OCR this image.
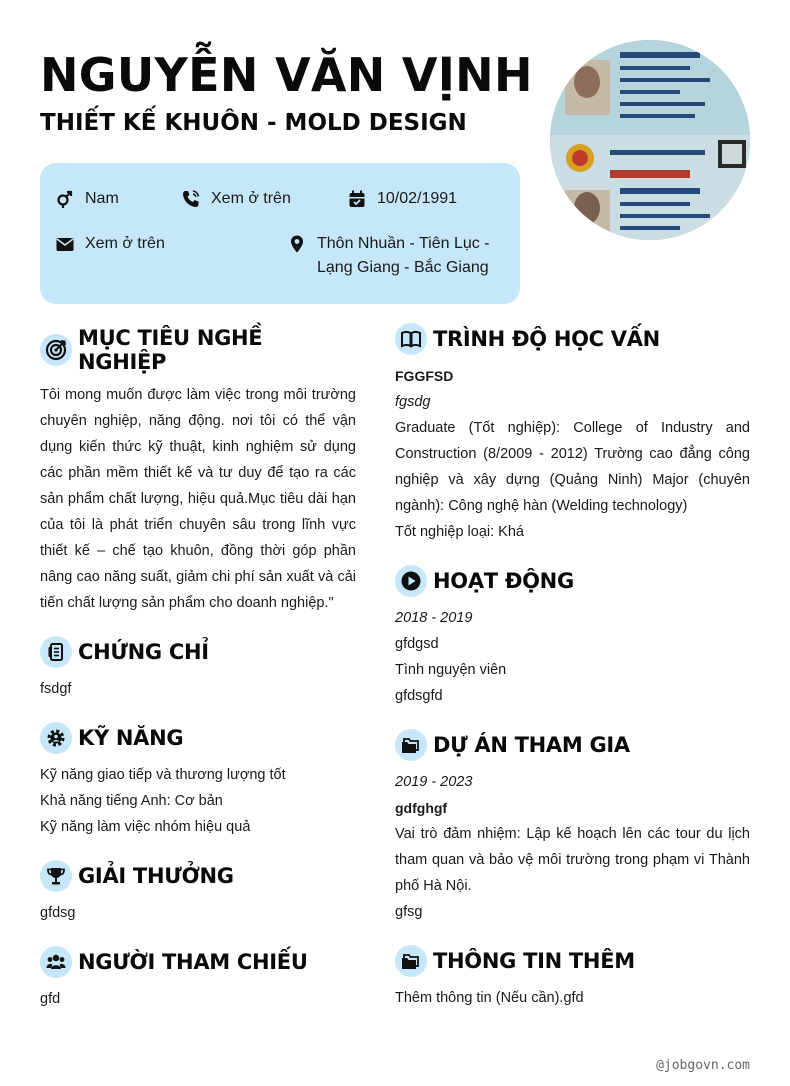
NGUYỄN VĂN VỊNH
THIẾT KẾ KHUÔN - MOLD DESIGN
Nam	Xem ở trên	10/02/1991
Xem ở trên	Thôn Nhuần - Tiên Lục - Lạng Giang - Bắc Giang
MỤC TIÊU NGHỀ NGHIỆP
Tôi mong muốn được làm việc trong môi trường chuyên nghiệp, năng động. nơi tôi có thể vận dụng kiến thức kỹ thuật, kinh nghiệm sử dụng các phần mềm thiết kế và tư duy để tạo ra các sản phẩm chất lượng, hiệu quả.Mục tiêu dài hạn của tôi là phát triển chuyên sâu trong lĩnh vực thiết kế – chế tạo khuôn, đồng thời góp phần nâng cao năng suất, giảm chi phí sản xuất và cải tiến chất lượng sản phẩm cho doanh nghiệp."
CHỨNG CHỈ
fsdgf
KỸ NĂNG
Kỹ năng giao tiếp và thương lượng tốt
Khả năng tiếng Anh: Cơ bản
Kỹ năng làm việc nhóm hiệu quả
GIẢI THƯỞNG
gfdsg
NGƯỜI THAM CHIẾU
gfd
TRÌNH ĐỘ HỌC VẤN
FGGFSD
fgsdg
Graduate (Tốt nghiệp): College of Industry and Construction (8/2009 - 2012) Trường cao đẳng công nghiệp và xây dựng (Quảng Ninh) Major (chuyên ngành): Công nghệ hàn (Welding technology)
Tốt nghiệp loại: Khá
HOẠT ĐỘNG
2018 - 2019
gfdgsd
Tình nguyện viên
gfdsgfd
DỰ ÁN THAM GIA
2019 - 2023
gdfghgf
Vai trò đảm nhiệm: Lập kế hoạch lên các tour du lịch tham quan và bảo vệ môi trường trong phạm vi Thành phố Hà Nội.
gfsg
THÔNG TIN THÊM
Thêm thông tin (Nếu cần).gfd
@jobgovn.com
